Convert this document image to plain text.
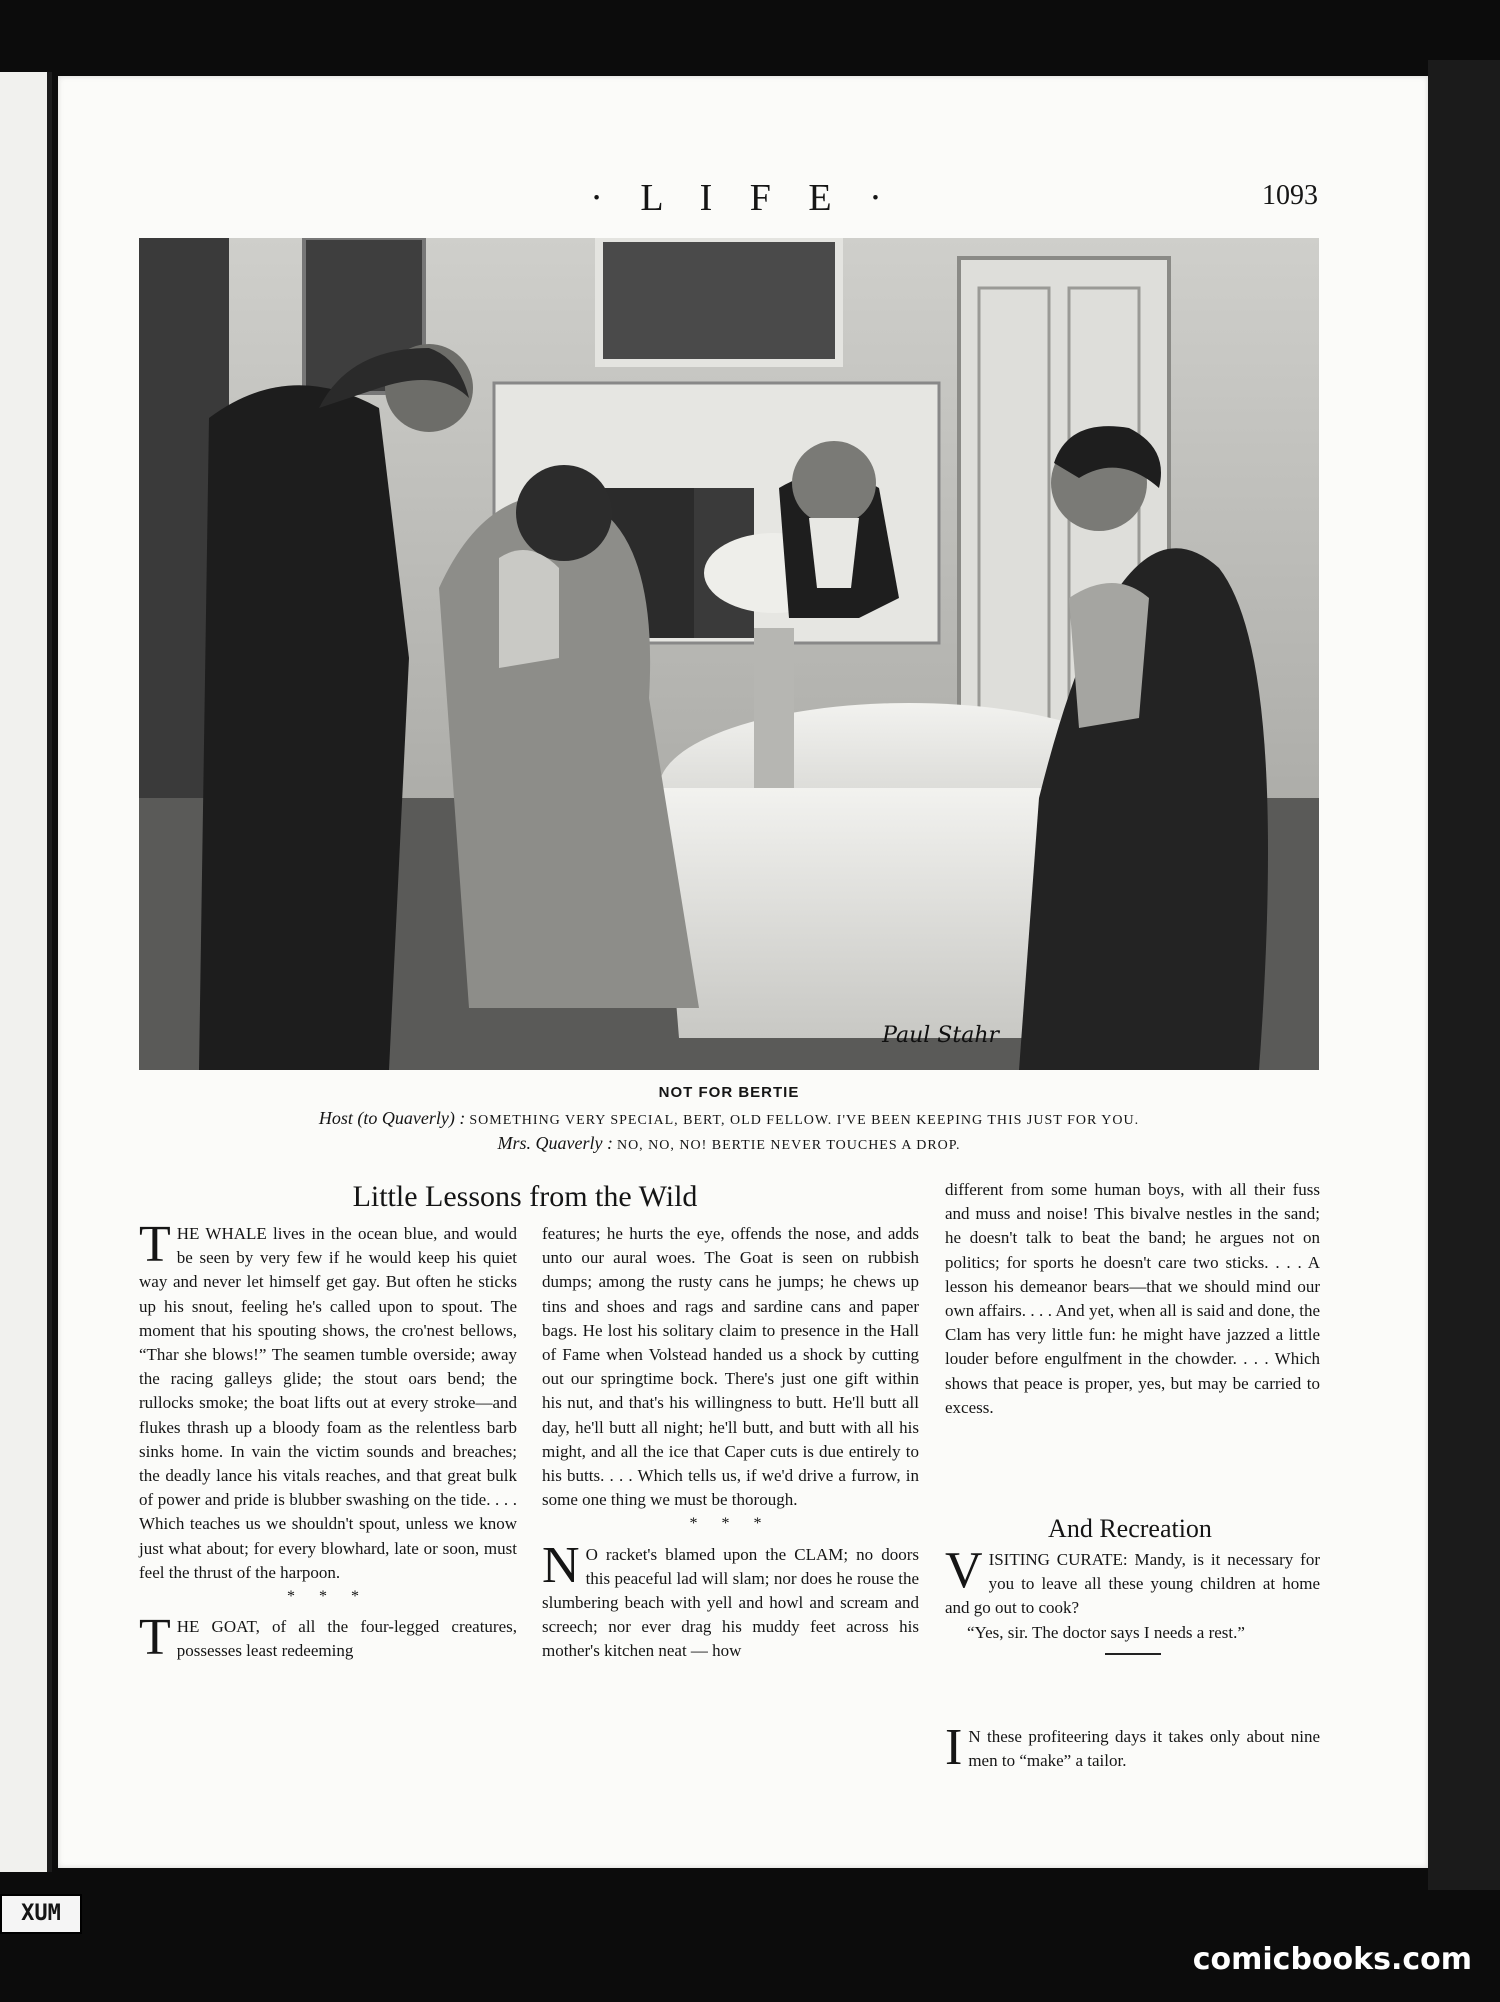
· L I F E ·	1093
Paul Stahr
NOT FOR BERTIE
Host (to Quaverly) : SOMETHING VERY SPECIAL, BERT, OLD FELLOW. I'VE BEEN KEEPING THIS JUST FOR YOU.
Mrs. Quaverly : NO, NO, NO! BERTIE NEVER TOUCHES A DROP.
Little Lessons from the Wild

THE WHALE lives in the ocean blue, and would be seen by very few if he would keep his quiet way and never let himself get gay. But often he sticks up his snout, feeling he's called upon to spout. The moment that his spouting shows, the cro'nest bellows, “Thar she blows!” The seamen tumble overside; away the racing galleys glide; the stout oars bend; the rullocks smoke; the boat lifts out at every stroke—and flukes thrash up a bloody foam as the relentless barb sinks home. In vain the victim sounds and breaches; the deadly lance his vitals reaches, and that great bulk of power and pride is blubber swashing on the tide. . . . Which teaches us we shouldn't spout, unless we know just what about; for every blowhard, late or soon, must feel the thrust of the harpoon.

* * *

THE GOAT, of all the four-legged creatures, possesses least redeeming

features; he hurts the eye, offends the nose, and adds unto our aural woes. The Goat is seen on rubbish dumps; among the rusty cans he jumps; he chews up tins and shoes and rags and sardine cans and paper bags. He lost his solitary claim to presence in the Hall of Fame when Volstead handed us a shock by cutting out our springtime bock. There's just one gift within his nut, and that's his willingness to butt. He'll butt all day, he'll butt all night; he'll butt, and butt with all his might, and all the ice that Caper cuts is due entirely to his butts. . . . Which tells us, if we'd drive a furrow, in some one thing we must be thorough.

* * *

N O racket's blamed upon the CLAM; no doors this peaceful lad will slam; nor does he rouse the slumbering beach with yell and howl and scream and screech; nor ever drag his muddy feet across his mother's kitchen neat — how

different from some human boys, with all their fuss and muss and noise! This bivalve nestles in the sand; he doesn't talk to beat the band; he argues not on politics; for sports he doesn't care two sticks. . . . A lesson his demeanor bears—that we should mind our own affairs. . . . And yet, when all is said and done, the Clam has very little fun: he might have jazzed a little louder before engulfment in the chowder. . . . Which shows that peace is proper, yes, but may be carried to excess.

And Recreation

VISITING CURATE: Mandy, is it necessary for you to leave all these young children at home and go out to cook?

“Yes, sir. The doctor says I needs a rest.”

I N these profiteering days it takes only about nine men to “make” a tailor.

XUM
comicbooks.com
